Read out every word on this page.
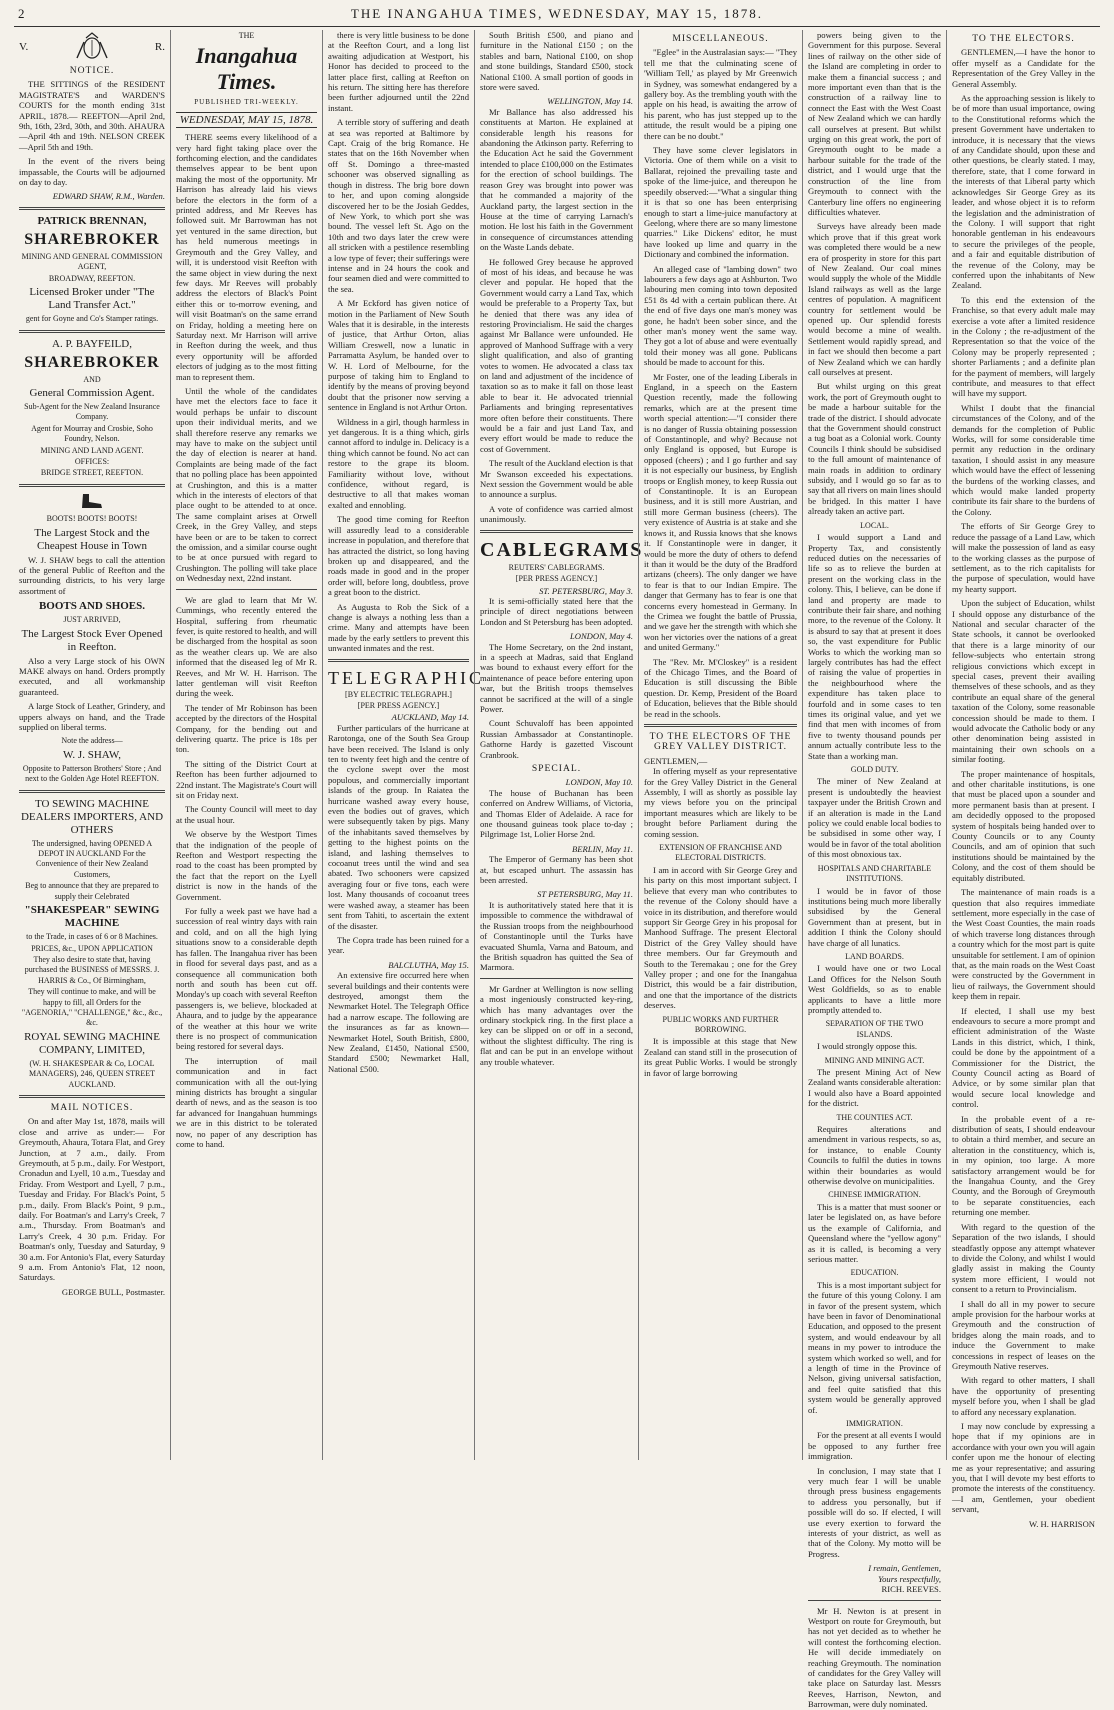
2	THE INANGAHUA TIMES, WEDNESDAY, MAY 15, 1878.
V.	R.
NOTICE.

THE SITTINGS of the RESIDENT MAGISTRATE'S and WARDEN'S COURTS for the month ending 31st APRIL, 1878.— REEFTON—April 2nd, 9th, 16th, 23rd, 30th, and 30th. AHAURA—April 4th and 19th. NELSON CREEK—April 5th and 19th.

In the event of the rivers being impassable, the Courts will be adjourned on day to day.

EDWARD SHAW, R.M., Warden.
PATRICK BRENNAN,
SHAREBROKER
MINING AND GENERAL COMMISSION AGENT,
BROADWAY, REEFTON.
Licensed Broker under "The Land Transfer Act."
gent for Goyne and Co's Stamper ratings.
A. P. BAYFEILD,
SHAREBROKER
AND
General Commission Agent.
Sub-Agent for the New Zealand Insurance Company.
Agent for Mourray and Crosbie, Soho Foundry, Nelson.
MINING AND LAND AGENT.
OFFICES:
BRIDGE STREET, REEFTON.
BOOTS! BOOTS! BOOTS!
The Largest Stock and the Cheapest House in Town

W. J. SHAW begs to call the attention of the general Public of Reefton and the surrounding districts, to his very large assortment of

BOOTS AND SHOES.
JUST ARRIVED,
The Largest Stock Ever Opened in Reefton.

Also a very Large stock of his OWN MAKE always on hand. Orders promptly executed, and all workmanship guaranteed.

A large Stock of Leather, Grindery, and uppers always on hand, and the Trade supplied on liberal terms.

Note the address—
W. J. SHAW,
Opposite to Patterson Brothers' Store ; And next to the Golden Age Hotel REEFTON.
TO SEWING MACHINE DEALERS IMPORTERS, AND OTHERS
The undersigned, having OPENED A DEPOT IN AUCKLAND For the Convenience of their New Zealand Customers,
Beg to announce that they are prepared to supply their Celebrated
"SHAKESPEAR" SEWING MACHINE
to the Trade, in cases of 6 or 8 Machines.
PRICES, &c., UPON APPLICATION
They also desire to state that, having purchased the BUSINESS of MESSRS. J. HARRIS & Co., Of Birmingham,
They will continue to make, and will be happy to fill, all Orders for the "AGENORIA," "CHALLENGE," &c., &c., &c.
ROYAL SEWING MACHINE COMPANY, LIMITED,
(W. H. SHAKESPEAR & Co, LOCAL MANAGERS), 246, QUEEN STREET AUCKLAND.
MAIL NOTICES.

On and after May 1st, 1878, mails will close and arrive as under:— For Greymouth, Ahaura, Totara Flat, and Grey Junction, at 7 a.m., daily. From Greymouth, at 5 p.m., daily. For Westport, Cronadun and Lyell, 10 a.m., Tuesday and Friday. From Westport and Lyell, 7 p.m., Tuesday and Friday. For Black's Point, 5 p.m., daily. From Black's Point, 9 p.m., daily. For Boatman's and Larry's Creek, 7 a.m., Thursday. From Boatman's and Larry's Creek, 4 30 p.m. Friday. For Boatman's only, Tuesday and Saturday, 9 30 a.m. For Antonio's Flat, every Saturday 9 a.m. From Antonio's Flat, 12 noon, Saturdays.

GEORGE BULL, Postmaster.
THE
Inangahua Times.
PUBLISHED TRI-WEEKLY.
WEDNESDAY, MAY 15, 1878.

THERE seems every likelihood of a very hard fight taking place over the forthcoming election, and the candidates themselves appear to be bent upon making the most of the opportunity. Mr Harrison has already laid his views before the electors in the form of a printed address, and Mr Reeves has followed suit. Mr Barrowman has not yet ventured in the same direction, but has held numerous meetings in Greymouth and the Grey Valley, and will, it is understood visit Reefton with the same object in view during the next few days. Mr Reeves will probably address the electors of Black's Point either this or to-morrow evening, and will visit Boatman's on the same errand on Friday, holding a meeting here on Saturday next. Mr Harrison will arrive in Reefton during the week, and thus every opportunity will be afforded electors of judging as to the most fitting man to represent them.

Until the whole of the candidates have met the electors face to face it would perhaps be unfair to discount upon their individual merits, and we shall therefore reserve any remarks we may have to make on the subject until the day of election is nearer at hand. Complaints are being made of the fact that no polling place has been appointed at Crushington, and this is a matter which in the interests of electors of that place ought to be attended to at once. The same complaint arises at Orwell Creek, in the Grey Valley, and steps have been or are to be taken to correct the omission, and a similar course ought to be at once pursued with regard to Crushington. The polling will take place on Wednesday next, 22nd instant.

We are glad to learn that Mr W. Cummings, who recently entered the Hospital, suffering from rheumatic fever, is quite restored to health, and will be discharged from the hospital as soon as the weather clears up. We are also informed that the diseased leg of Mr R. Reeves, and Mr W. H. Harrison. The latter gentleman will visit Reefton during the week.

The tender of Mr Robinson has been accepted by the directors of the Hospital Company, for the bending out and delivering quartz. The price is 18s per ton.

The sitting of the District Court at Reefton has been further adjourned to 22nd instant. The Magistrate's Court will sit on Friday next.

The County Council will meet to day at the usual hour.

We observe by the Westport Times that the indignation of the people of Reefton and Westport respecting the road to the coast has been prompted by the fact that the report on the Lyell district is now in the hands of the Government.

For fully a week past we have had a succession of real wintry days with rain and cold, and on all the high lying situations snow to a considerable depth has fallen. The Inangahua river has been in flood for several days past, and as a consequence all communication both north and south has been cut off. Monday's up coach with several Reefton passengers is, we believe, blockaded at Ahaura, and to judge by the appearance of the weather at this hour we write there is no prospect of communication being restored for several days.

The interruption of mail communication and in fact communication with all the out-lying mining districts has brought a singular dearth of news, and as the season is too far advanced for Inangahuan hummings we are in this district to be tolerated now, no paper of any description has come to hand.

there is very little business to be done at the Reefton Court, and a long list awaiting adjudication at Westport, his Honor has decided to proceed to the latter place first, calling at Reefton on his return. The sitting here has therefore been further adjourned until the 22nd instant.

A terrible story of suffering and death at sea was reported at Baltimore by Capt. Craig of the brig Romance. He states that on the 16th November when off St. Domingo a three-masted schooner was observed signalling as though in distress. The brig bore down to her, and upon coming alongside discovered her to be the Josiah Geddes, of New York, to which port she was bound. The vessel left St. Ago on the 10th and two days later the crew were all stricken with a pestilence resembling a low type of fever; their sufferings were intense and in 24 hours the cook and four seamen died and were committed to the sea.

A Mr Eckford has given notice of motion in the Parliament of New South Wales that it is desirable, in the interests of justice, that Arthur Orton, alias William Creswell, now a lunatic in Parramatta Asylum, be handed over to W. H. Lord of Melbourne, for the purpose of taking him to England to identify by the means of proving beyond doubt that the prisoner now serving a sentence in England is not Arthur Orton.

Wildness in a girl, though harmless in yet dangerous. It is a thing which, girls cannot afford to indulge in. Delicacy is a thing which cannot be found. No act can restore to the grape its bloom. Familiarity without love, without confidence, without regard, is destructive to all that makes woman exalted and ennobling.

The good time coming for Reefton will assuredly lead to a considerable increase in population, and therefore that has attracted the district, so long having broken up and disappeared, and the roads made in good and in the proper order will, before long, doubtless, prove a great boon to the district.

As Augusta to Rob the Sick of a change is always a nothing less than a crime. Many and attempts have been made by the early settlers to prevent this unwanted inmates and the rest.

TELEGRAPHIC
[BY ELECTRIC TELEGRAPH.]
[PER PRESS AGENCY.]
AUCKLAND, May 14.

Further particulars of the hurricane at Rarotonga, one of the South Sea Group have been received. The Island is only ten to twenty feet high and the centre of the cyclone swept over the most populous, and commercially important islands of the group. In Raiatea the hurricane washed away every house, even the bodies out of graves, which were subsequently taken by pigs. Many of the inhabitants saved themselves by getting to the highest points on the island, and lashing themselves to cocoanut trees until the wind and sea abated. Two schooners were capsized averaging four or five tons, each were lost. Many thousands of cocoanut trees were washed away, a steamer has been sent from Tahiti, to ascertain the extent of the disaster.

The Copra trade has been ruined for a year.

BALCLUTHA, May 15.

An extensive fire occurred here when several buildings and their contents were destroyed, amongst them the Newmarket Hotel. The Telegraph Office had a narrow escape. The following are the insurances as far as known—Newmarket Hotel, South British, £800, New Zealand, £1450, National £500, Standard £500; Newmarket Hall, National £500.

South British £500, and piano and furniture in the National £150 ; on the stables and barn, National £100, on shop and stone buildings, Standard £500, stock National £100. A small portion of goods in store were saved.

WELLINGTON, May 14.

Mr Ballance has also addressed his constituents at Marton. He explained at considerable length his reasons for abandoning the Atkinson party. Referring to the Education Act he said the Government intended to place £100,000 on the Estimates for the erection of school buildings. The reason Grey was brought into power was that he commanded a majority of the Auckland party, the largest section in the House at the time of carrying Larnach's motion. He lost his faith in the Government in consequence of circumstances attending on the Waste Lands debate.

He followed Grey because he approved of most of his ideas, and because he was clever and popular. He hoped that the Government would carry a Land Tax, which would be preferable to a Property Tax, but he denied that there was any idea of restoring Provincialism. He said the charges against Mr Ballance were unfounded. He approved of Manhood Suffrage with a very slight qualification, and also of granting votes to women. He advocated a class tax on land and adjustment of the incidence of taxation so as to make it fall on those least able to bear it. He advocated triennial Parliaments and bringing representatives more often before their constituents. There would be a fair and just Land Tax, and every effort would be made to reduce the cost of Government.

The result of the Auckland election is that Mr Swanson exceeded his expectations. Next session the Government would be able to announce a surplus.

A vote of confidence was carried almost unanimously.

CABLEGRAMS
REUTERS' CABLEGRAMS.
[PER PRESS AGENCY.]
ST. PETERSBURG, May 3.

It is semi-officially stated here that the principle of direct negotiations between London and St Petersburg has been adopted.

LONDON, May 4.

The Home Secretary, on the 2nd instant, in a speech at Madras, said that England was bound to exhaust every effort for the maintenance of peace before entering upon war, but the British troops themselves cannot be sacrificed at the will of a single Power.

Count Schuvaloff has been appointed Russian Ambassador at Constantinople. Gathorne Hardy is gazetted Viscount Cranbrook.

SPECIAL.
LONDON, May 10.

The house of Buchanan has been conferred on Andrew Williams, of Victoria, and Thomas Elder of Adelaide. A race for one thousand guineas took place to-day ; Pilgrimage 1st, Lolier Horse 2nd.

BERLIN, May 11.

The Emperor of Germany has been shot at, but escaped unhurt. The assassin has been arrested.

ST PETERSBURG, May 11.

It is authoritatively stated here that it is impossible to commence the withdrawal of the Russian troops from the neighbourhood of Constantinople until the Turks have evacuated Shumla, Varna and Batoum, and the British squadron has quitted the Sea of Marmora.

Mr Gardner at Wellington is now selling a most ingeniously constructed key-ring, which has many advantages over the ordinary stockpick ring. In the first place a key can be slipped on or off in a second, without the slightest difficulty. The ring is flat and can be put in an envelope without any trouble whatever.

MISCELLANEOUS.

"Eglee" in the Australasian says:— "They tell me that the culminating scene of 'William Tell,' as played by Mr Greenwich in Sydney, was somewhat endangered by a gallery boy. As the trembling youth with the apple on his head, is awaiting the arrow of his parent, who has just stepped up to the attitude, the result would be a piping one there can be no doubt."

They have some clever legislators in Victoria. One of them while on a visit to Ballarat, rejoined the prevailing taste and spoke of the lime-juice, and thereupon he speedily observed:—"What a singular thing it is that so one has been enterprising enough to start a lime-juice manufactory at Geelong, where there are so many limestone quarries." Like Dickens' editor, he must have looked up lime and quarry in the Dictionary and combined the information.

An alleged case of "lambing down" two labourers a few days ago at Ashburton. Two labouring men coming into town deposited £51 8s 4d with a certain publican there. At the end of five days one man's money was gone, he hadn't been sober since, and the other man's money went the same way. They got a lot of abuse and were eventually told their money was all gone. Publicans should be made to account for this.

Mr Foster, one of the leading Liberals in England, in a speech on the Eastern Question recently, made the following remarks, which are at the present time worth special attention:—"I consider there is no danger of Russia obtaining possession of Constantinople, and why? Because not only England is opposed, but Europe is opposed (cheers) ; and I go further and say it is not especially our business, by English troops or English money, to keep Russia out of Constantinople. It is an European business, and it is still more Austrian, and still more German business (cheers). The very existence of Austria is at stake and she knows it, and Russia knows that she knows it. If Constantinople were in danger, it would be more the duty of others to defend it than it would be the duty of the Bradford artizans (cheers). The only danger we have to fear is that to our Indian Empire. The danger that Germany has to fear is one that concerns every homestead in Germany. In the Crimea we fought the battle of Prussia, and we gave her the strength with which she won her victories over the nations of a great and united Germany."

The "Rev. Mr. M'Closkey" is a resident of the Chicago Times, and the Board of Education is still discussing the Bible question. Dr. Kemp, President of the Board of Education, believes that the Bible should be read in the schools.

TO THE ELECTORS OF THE GREY VALLEY DISTRICT.
GENTLEMEN,—

In offering myself as your representative for the Grey Valley District in the General Assembly, I will as shortly as possible lay my views before you on the principal important measures which are likely to be brought before Parliament during the coming session.

EXTENSION OF FRANCHISE AND ELECTORAL DISTRICTS.

I am in accord with Sir George Grey and his party on this most important subject. I believe that every man who contributes to the revenue of the Colony should have a voice in its distribution, and therefore would support Sir George Grey in his proposal for Manhood Suffrage. The present Electoral District of the Grey Valley should have three members. Our far Greymouth and South to the Teremakau ; one for the Grey Valley proper ; and one for the Inangahua District, this would be a fair distribution, and one that the importance of the districts deserves.

PUBLIC WORKS AND FURTHER BORROWING.

It is impossible at this stage that New Zealand can stand still in the prosecution of its great Public Works. I would be strongly in favor of large borrowing

powers being given to the Government for this purpose. Several lines of railway on the other side of the Island are completing in order to make them a financial success ; and more important even than that is the construction of a railway line to connect the East with the West Coast of New Zealand which we can hardly call ourselves at present. But whilst urging on this great work, the port of Greymouth ought to be made a harbour suitable for the trade of the district, and I would urge that the construction of the line from Greymouth to connect with the Canterbury line offers no engineering difficulties whatever.

Surveys have already been made which prove that if this great work was completed there would be a new era of prosperity in store for this part of New Zealand. Our coal mines would supply the whole of the Middle Island railways as well as the large centres of population. A magnificent country for settlement would be opened up. Our splendid forests would become a mine of wealth. Settlement would rapidly spread, and in fact we should then become a part of New Zealand which we can hardly call ourselves at present.

But whilst urging on this great work, the port of Greymouth ought to be made a harbour suitable for the trade of the district. I should advocate that the Government should construct a tug boat as a Colonial work. County Councils I think should be subsidised to the full amount of maintenance of main roads in addition to ordinary subsidy, and I would go so far as to say that all rivers on main lines should be bridged. In this matter I have already taken an active part.

LOCAL.

I would support a Land and Property Tax, and consistently reduced duties on the necessaries of life so as to relieve the burden at present on the working class in the colony. This, I believe, can be done if land and property are made to contribute their fair share, and nothing more, to the revenue of the Colony. It is absurd to say that at present it does so, the vast expenditure for Public Works to which the working man so largely contributes has had the effect of raising the value of properties in the neighbourhood where the expenditure has taken place to fourfold and in some cases to ten times its original value, and yet we find that men with incomes of from five to twenty thousand pounds per annum actually contribute less to the State than a working man.

GOLD DUTY.

The miner of New Zealand at present is undoubtedly the heaviest taxpayer under the British Crown and if an alteration is made in the Land policy we could enable local bodies to be subsidised in some other way, I would be in favor of the total abolition of this most obnoxious tax.

HOSPITALS AND CHARITABLE INSTITUTIONS.

I would be in favor of those institutions being much more liberally subsidised by the General Government than at present, but in addition I think the Colony should have charge of all lunatics.

LAND BOARDS.

I would have one or two Local Land Offices for the Nelson South West Goldfields, so as to enable applicants to have a little more promptly attended to.

SEPARATION OF THE TWO ISLANDS.

I would strongly oppose this.

MINING AND MINING ACT.

The present Mining Act of New Zealand wants considerable alteration: I would also have a Board appointed for the district.

THE COUNTIES ACT.

Requires alterations and amendment in various respects, so as, for instance, to enable County Councils to fulfil the duties in towns within their boundaries as would otherwise devolve on municipalities.

CHINESE IMMIGRATION.

This is a matter that must sooner or later be legislated on, as have before us the example of California, and Queensland where the "yellow agony" as it is called, is becoming a very serious matter.

EDUCATION.

This is a most important subject for the future of this young Colony. I am in favor of the present system, which have been in favor of Denominational Education, and opposed to the present system, and would endeavour by all means in my power to introduce the system which worked so well, and for a length of time in the Province of Nelson, giving universal satisfaction, and feel quite satisfied that this system would be generally approved of.

IMMIGRATION.

For the present at all events I would be opposed to any further free immigration.

In conclusion, I may state that I very much fear I will be unable through press business engagements to address you personally, but if possible will do so. If elected, I will use every exertion to forward the interests of your district, as well as that of the Colony. My motto will be Progress.

I remain, Gentlemen,
Yours respectfully,
RICH. REEVES.

Mr H. Newton is at present in Westport on route for Greymouth, but has not yet decided as to whether he will contest the forthcoming election. He will decide immediately on reaching Greymouth. The nomination of candidates for the Grey Valley will take place on Saturday last. Messrs Reeves, Harrison, Newton, and Barrowman, were duly nominated.

TO THE ELECTORS.

GENTLEMEN,—I have the honor to offer myself as a Candidate for the Representation of the Grey Valley in the General Assembly.

As the approaching session is likely to be of more than usual importance, owing to the Constitutional reforms which the present Government have undertaken to introduce, it is necessary that the views of any Candidate should, upon these and other questions, be clearly stated. I may, therefore, state, that I come forward in the interests of that Liberal party which acknowledges Sir George Grey as its leader, and whose object it is to reform the legislation and the administration of the Colony. I will support that right honorable gentleman in his endeavours to secure the privileges of the people, and a fair and equitable distribution of the revenue of the Colony, may be conferred upon the inhabitants of New Zealand.

To this end the extension of the Franchise, so that every adult male may exercise a vote after a limited residence in the Colony ; the re-adjustment of the Representation so that the voice of the Colony may be properly represented ; shorter Parliaments ; and a definite plan for the payment of members, will largely contribute, and measures to that effect will have my support.

Whilst I doubt that the financial circumstances of the Colony, and of the demands for the completion of Public Works, will for some considerable time permit any reduction in the ordinary taxation, I should assist in any measure which would have the effect of lessening the burdens of the working classes, and which would make landed property contribute its fair share to the burdens of the Colony.

The efforts of Sir George Grey to reduce the passage of a Land Law, which will make the possession of land as easy to the working classes as the purpose of settlement, as to the rich capitalists for the purpose of speculation, would have my hearty support.

Upon the subject of Education, whilst I should oppose any disturbance of the National and secular character of the State schools, it cannot be overlooked that there is a large minority of our fellow-subjects who entertain strong religious convictions which except in special cases, prevent their availing themselves of these schools, and as they contribute an equal share of the general taxation of the Colony, some reasonable concession should be made to them. I would advocate the Catholic body or any other denomination being assisted in maintaining their own schools on a similar footing.

The proper maintenance of hospitals, and other charitable institutions, is one that must be placed upon a sounder and more permanent basis than at present. I am decidedly opposed to the proposed system of hospitals being handed over to County Councils or to any County Councils, and am of opinion that such institutions should be maintained by the Colony, and the cost of them should be equitably distributed.

The maintenance of main roads is a question that also requires immediate settlement, more especially in the case of the West Coast Counties, the main roads of which traverse long distances through a country which for the most part is quite unsuitable for settlement. I am of opinion that, as the main roads on the West Coast were constructed by the Government in lieu of railways, the Government should keep them in repair.

If elected, I shall use my best endeavours to secure a more prompt and efficient administration of the Waste Lands in this district, which, I think, could be done by the appointment of a Commissioner for the District, the County Council acting as Board of Advice, or by some similar plan that would secure local knowledge and control.

In the probable event of a re-distribution of seats, I should endeavour to obtain a third member, and secure an alteration in the constituency, which is, in my opinion, too large. A more satisfactory arrangement would be for the Inangahua County, and the Grey County, and the Borough of Greymouth to be separate constituencies, each returning one member.

With regard to the question of the Separation of the two islands, I should steadfastly oppose any attempt whatever to divide the Colony, and whilst I would gladly assist in making the County system more efficient, I would not consent to a return to Provincialism.

I shall do all in my power to secure ample provision for the harbour works at Greymouth and the construction of bridges along the main roads, and to induce the Government to make concessions in respect of leases on the Greymouth Native reserves.

With regard to other matters, I shall have the opportunity of presenting myself before you, when I shall be glad to afford any necessary explanation.

I may now conclude by expressing a hope that if my opinions are in accordance with your own you will again confer upon me the honour of electing me as your representative; and assuring you, that I will devote my best efforts to promote the interests of the constituency.—I am, Gentlemen, your obedient servant,

W. H. HARRISON
